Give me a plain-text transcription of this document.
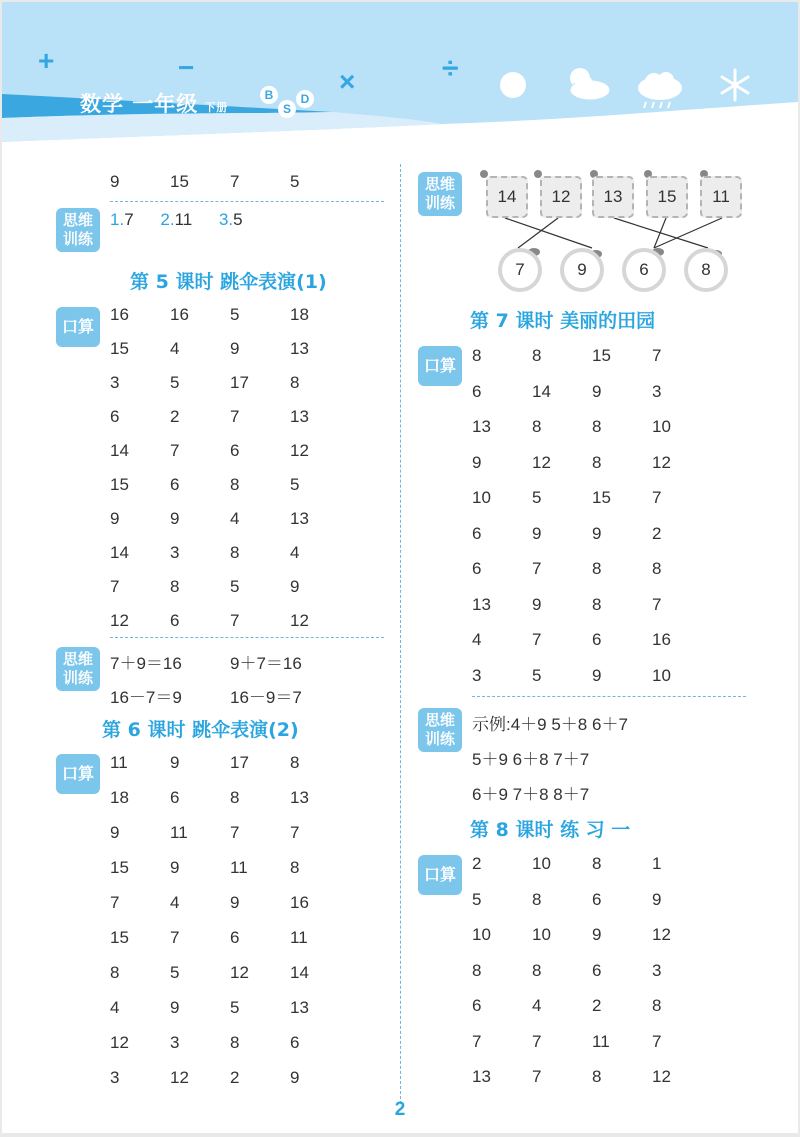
+	−	×	÷
数学 一年级 下册
B
S
D
9	15 7	5
思维
训练
1.7 2.11 3.5
第 5 课时 跳伞表演(1)
口算
16 16 5	18
15 4	9	13
3	5	17 8
6	2	7	13
14 7	6	12
15 6	8	5
9	9	4	13
14 3	8	4
7	8	5	9
12 6	7	12
思维
训练
7＋9＝16	9＋7＝16
16－7＝9	16－9＝7
第 6 课时 跳伞表演(2)
口算
11 9	17 8
18 6	8	13
9	11 7	7
15 9	11 8
7	4	9	16
15 7	6	11
8	5	12 14
4	9	5	13
12 3	8	6
3	12 2	9
思维
训练	14	12	13	15	11
7	9	6	8
第 7 课时 美丽的田园
口算
8	8	15 7
6	14 9	3
13 8	8	10
9	12 8	12
10 5	15 7
6	9	9	2
6	7	8	8
13 9	8	7
4	7	6	16
3	5	9	10
思维
训练
示例:4＋9 5＋8 6＋7
5＋9 6＋8 7＋7
6＋9 7＋8 8＋7
第 8 课时 练 习 一
口算
2	10 8	1
5	8	6	9
10 10 9	12
8	8	6	3
6	4	2	8
7	7	11 7
13 7	8	12
2
